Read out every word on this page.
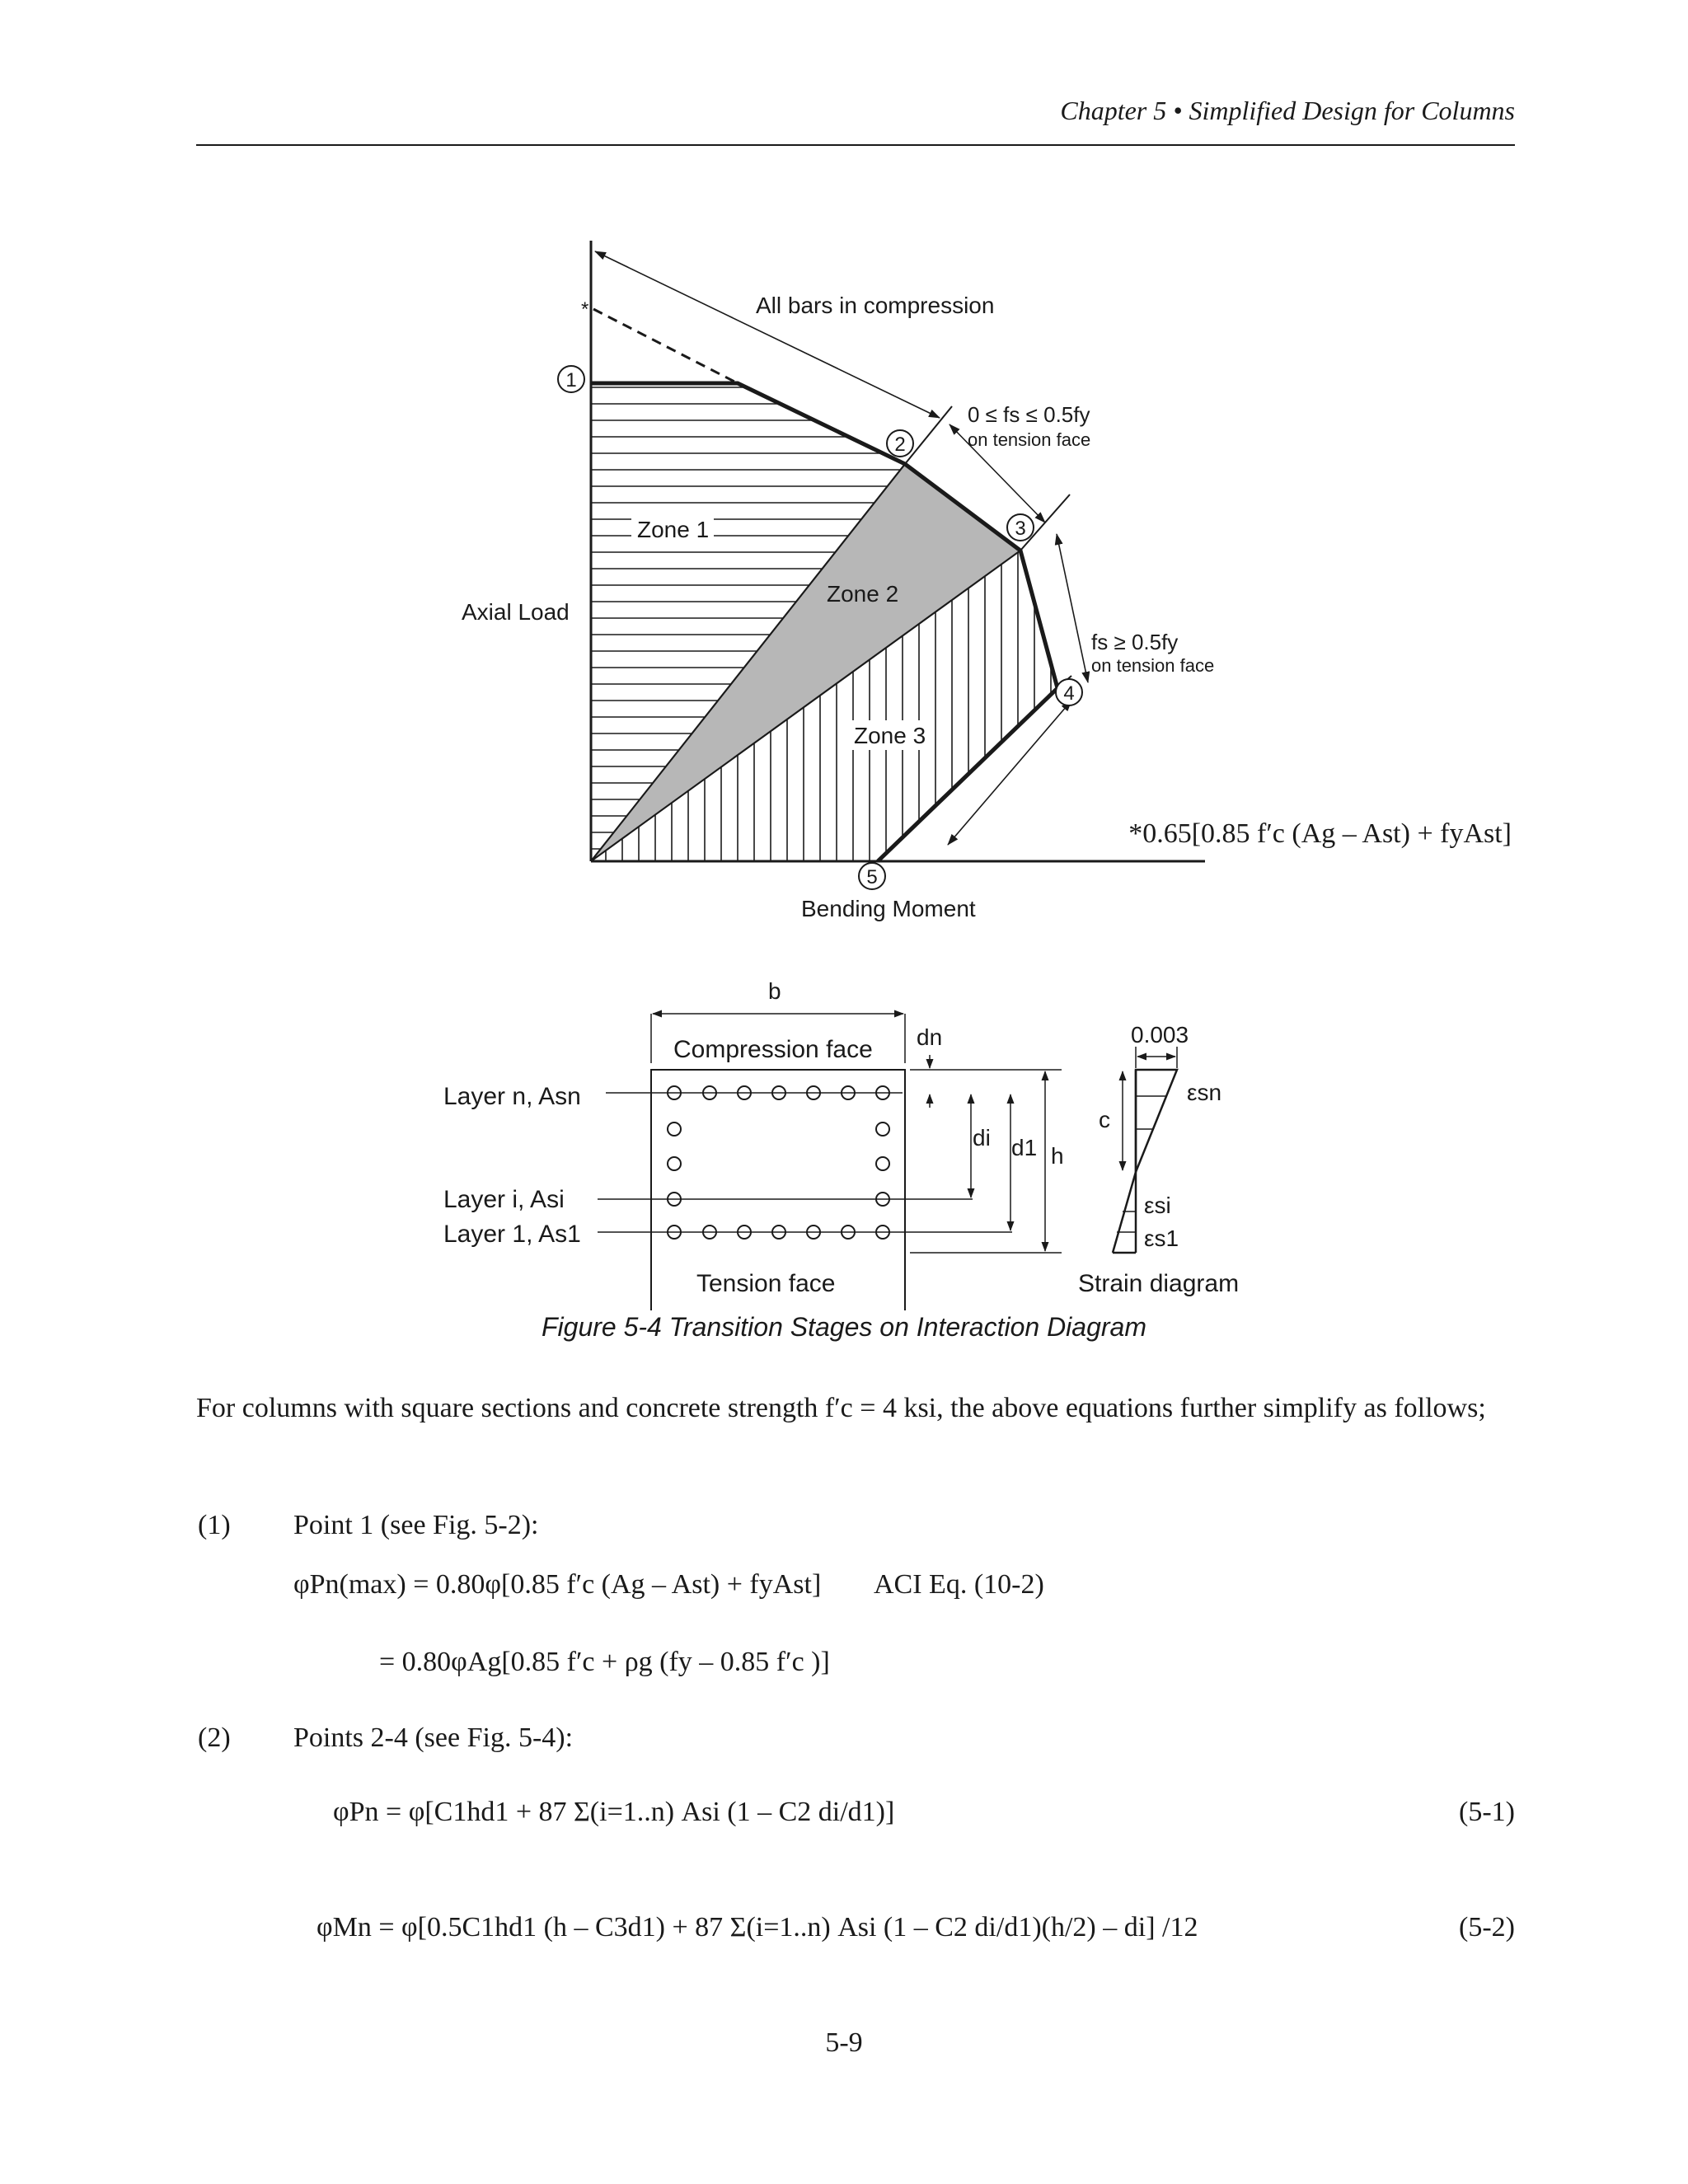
Chapter 5 • Simplified Design for Columns
1
2
3
4
5
*	All bars in compression
Zone 1
Zone 2
Zone 3
Axial Load
Bending Moment
0 ≤ fs ≤ 0.5fy
on tension face
fs ≥ 0.5fy
on tension face
*0.65[0.85 f′c (Ag – Ast) + fyAst]
b
Compression face dn
di d1 h
Layer n, Asn
Layer i, Asi
Layer 1, As1
Tension face
0.003
c
εsn
εsi
εs1
Strain diagram
Figure 5-4 Transition Stages on Interaction Diagram
For columns with square sections and concrete strength f′c = 4 ksi, the above equations further simplify as follows;
(1) Point 1 (see Fig. 5-2):
φPn(max) = 0.80φ[0.85 f′c (Ag – Ast) + fyAst] ACI Eq. (10-2)
= 0.80φAg[0.85 f′c + ρg (fy – 0.85 f′c )]
(2) Points 2-4 (see Fig. 5-4):
φPn = φ[C1hd1 + 87 Σ(i=1..n) Asi (1 – C2 di/d1)]	(5-1)
φMn = φ[0.5C1hd1 (h – C3d1) + 87 Σ(i=1..n) Asi (1 – C2 di/d1)(h/2) – di] /12	(5-2)
5-9
